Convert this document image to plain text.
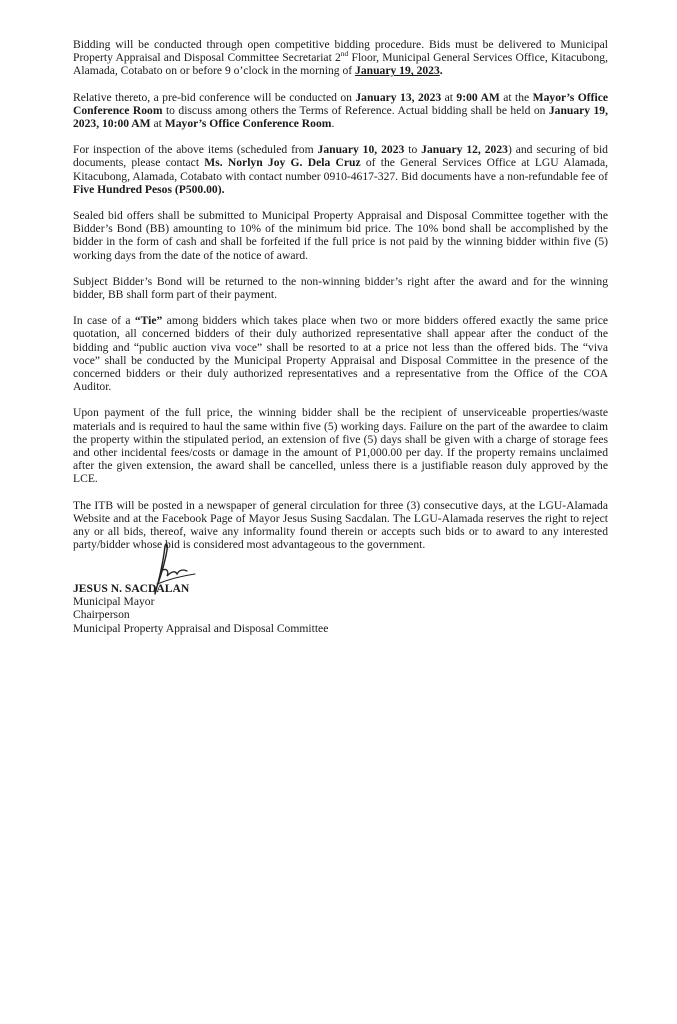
Bidding will be conducted through open competitive bidding procedure. Bids must be delivered to Municipal Property Appraisal and Disposal Committee Secretariat 2nd Floor, Municipal General Services Office, Kitacubong, Alamada, Cotabato on or before 9 o’clock in the morning of January 19, 2023.

Relative thereto, a pre-bid conference will be conducted on January 13, 2023 at 9:00 AM at the Mayor’s Office Conference Room to discuss among others the Terms of Reference. Actual bidding shall be held on January 19, 2023, 10:00 AM at Mayor’s Office Conference Room.

For inspection of the above items (scheduled from January 10, 2023 to January 12, 2023) and securing of bid documents, please contact Ms. Norlyn Joy G. Dela Cruz of the General Services Office at LGU Alamada, Kitacubong, Alamada, Cotabato with contact number 0910-4617-327. Bid documents have a non-refundable fee of Five Hundred Pesos (P500.00).

Sealed bid offers shall be submitted to Municipal Property Appraisal and Disposal Committee together with the Bidder’s Bond (BB) amounting to 10% of the minimum bid price. The 10% bond shall be accomplished by the bidder in the form of cash and shall be forfeited if the full price is not paid by the winning bidder within five (5) working days from the date of the notice of award.

Subject Bidder’s Bond will be returned to the non-winning bidder’s right after the award and for the winning bidder, BB shall form part of their payment.

In case of a “Tie” among bidders which takes place when two or more bidders offered exactly the same price quotation, all concerned bidders of their duly authorized representative shall appear after the conduct of the bidding and “public auction viva voce” shall be resorted to at a price not less than the offered bids. The “viva voce” shall be conducted by the Municipal Property Appraisal and Disposal Committee in the presence of the concerned bidders or their duly authorized representatives and a representative from the Office of the COA Auditor.

Upon payment of the full price, the winning bidder shall be the recipient of unserviceable properties/waste materials and is required to haul the same within five (5) working days. Failure on the part of the awardee to claim the property within the stipulated period, an extension of five (5) days shall be given with a charge of storage fees and other incidental fees/costs or damage in the amount of P1,000.00 per day. If the property remains unclaimed after the given extension, the award shall be cancelled, unless there is a justifiable reason duly approved by the LCE.

The ITB will be posted in a newspaper of general circulation for three (3) consecutive days, at the LGU-Alamada Website and at the Facebook Page of Mayor Jesus Susing Sacdalan. The LGU-Alamada reserves the right to reject any or all bids, thereof, waive any informality found therein or accepts such bids or to award to any interested party/bidder whose bid is considered most advantageous to the government.

JESUS N. SACDALAN
Municipal Mayor
Chairperson
Municipal Property Appraisal and Disposal Committee
